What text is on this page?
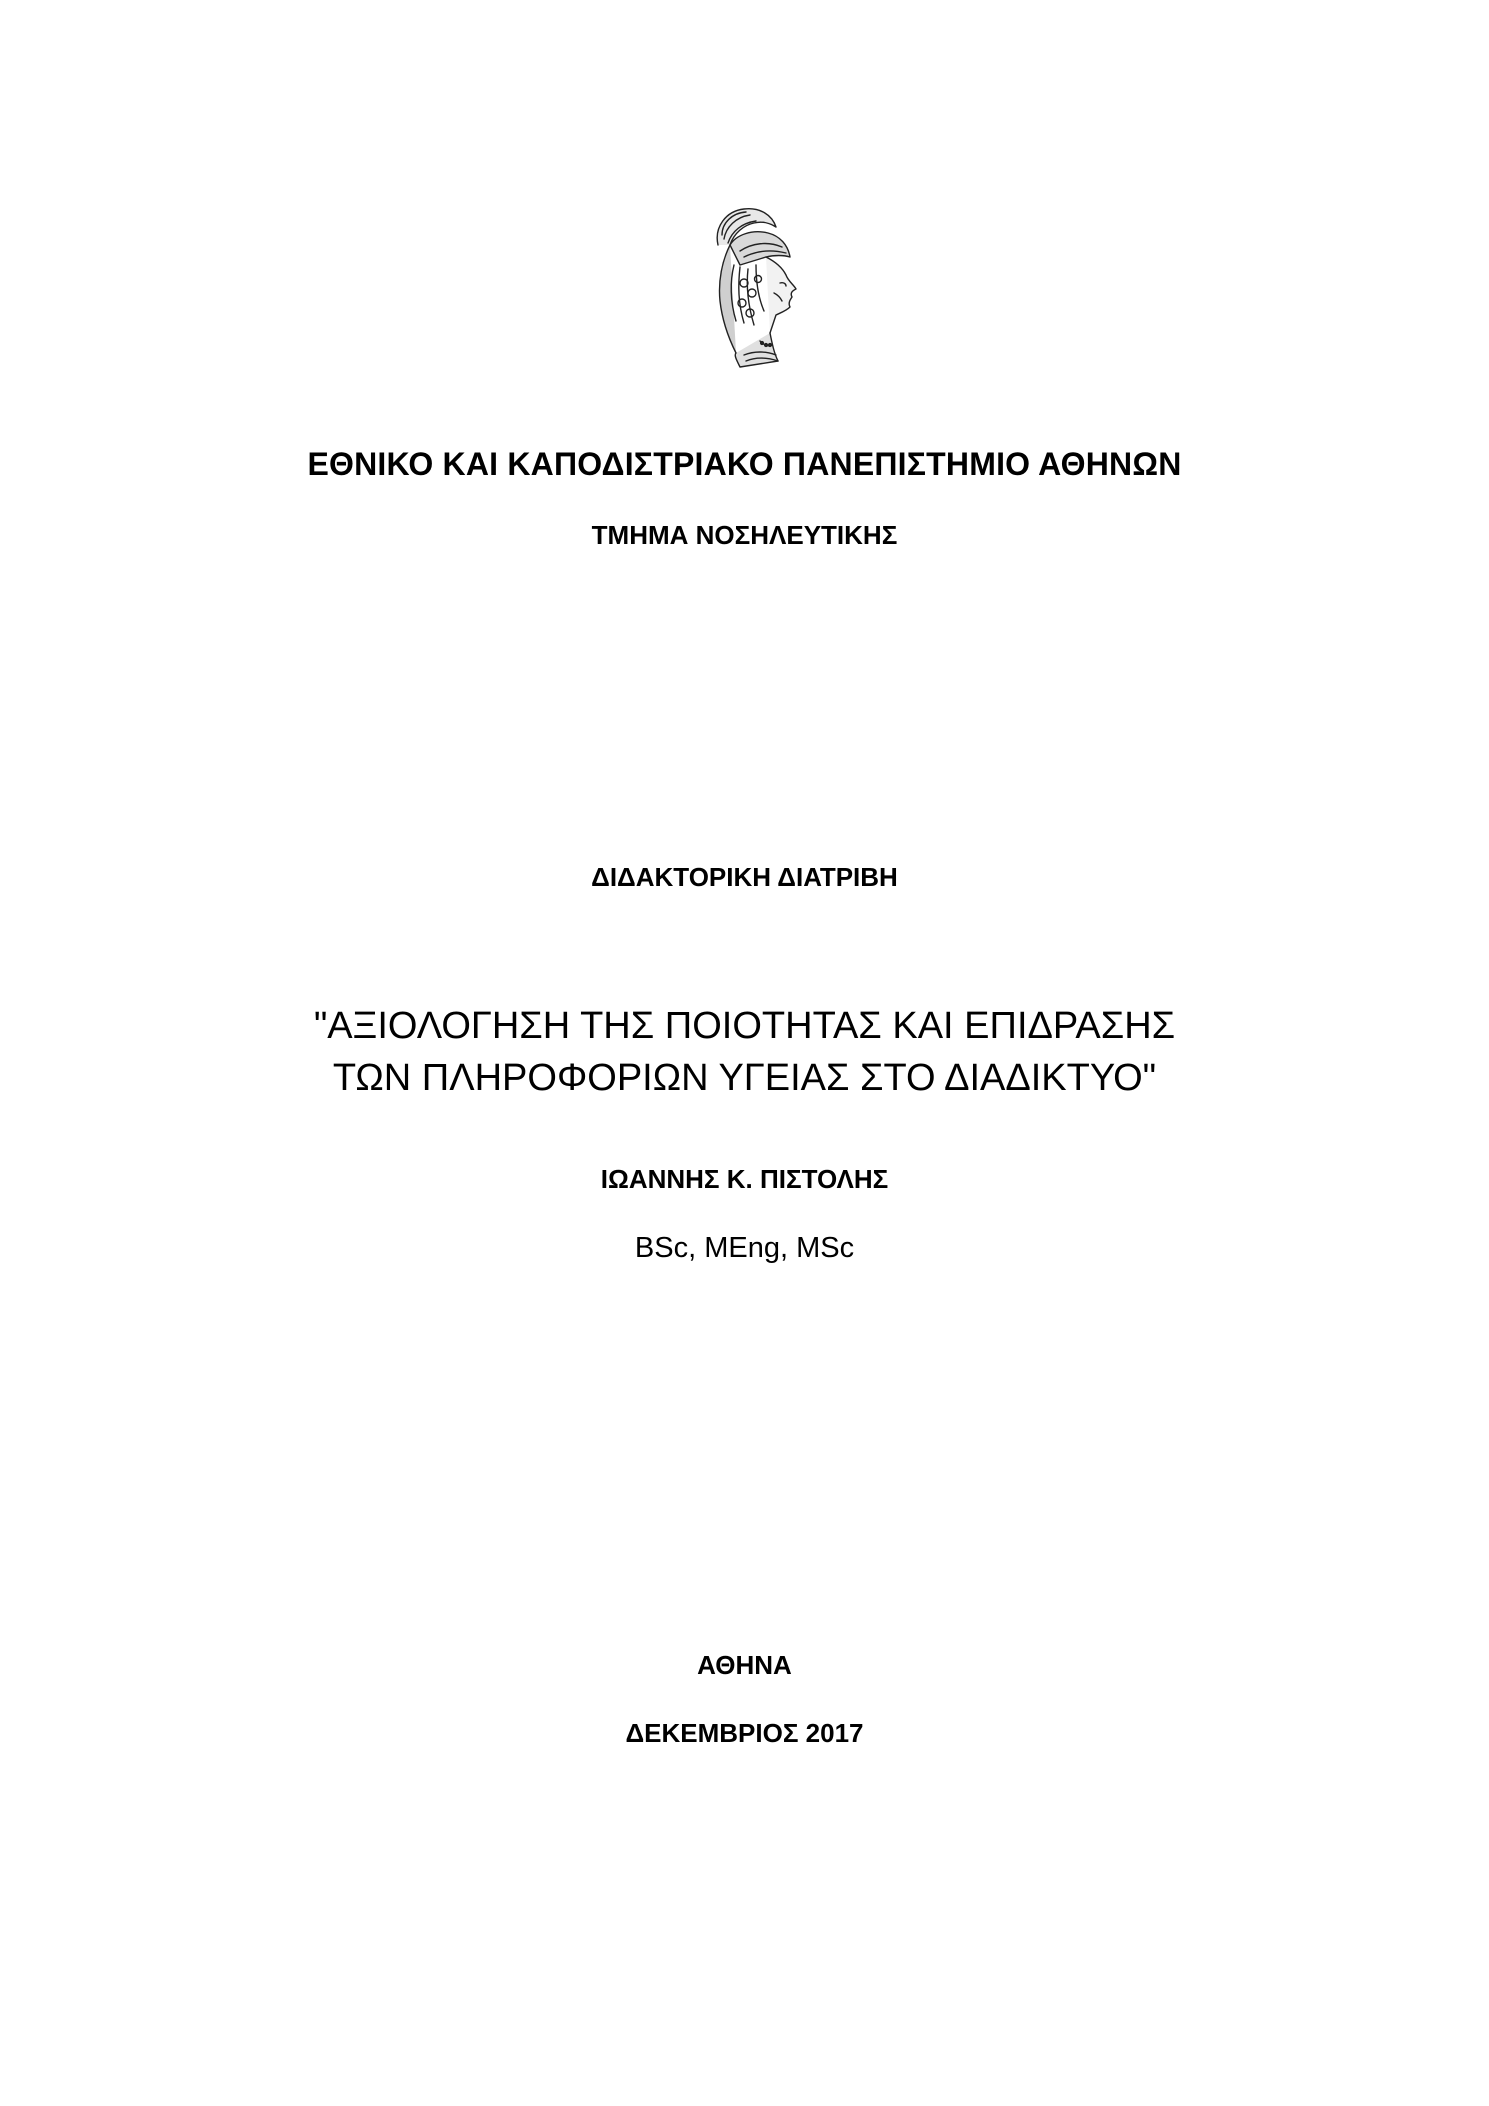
ΕΘΝΙΚΟ ΚΑΙ ΚΑΠΟΔΙΣΤΡΙΑΚΟ ΠΑΝΕΠΙΣΤΗΜΙΟ ΑΘΗΝΩΝ
ΤΜΗΜΑ ΝΟΣΗΛΕΥΤΙΚΗΣ
ΔΙΔΑΚΤΟΡΙΚΗ ΔΙΑΤΡΙΒΗ
"ΑΞΙΟΛΟΓΗΣΗ ΤΗΣ ΠΟΙΟΤΗΤΑΣ ΚΑΙ ΕΠΙΔΡΑΣΗΣ
ΤΩΝ ΠΛΗΡΟΦΟΡΙΩΝ ΥΓΕΙΑΣ ΣΤΟ ΔΙΑΔΙΚΤΥΟ"
ΙΩΑΝΝΗΣ Κ. ΠΙΣΤΟΛΗΣ
BSc, MEng, MSc
ΑΘΗΝΑ
ΔΕΚΕΜΒΡΙΟΣ 2017
